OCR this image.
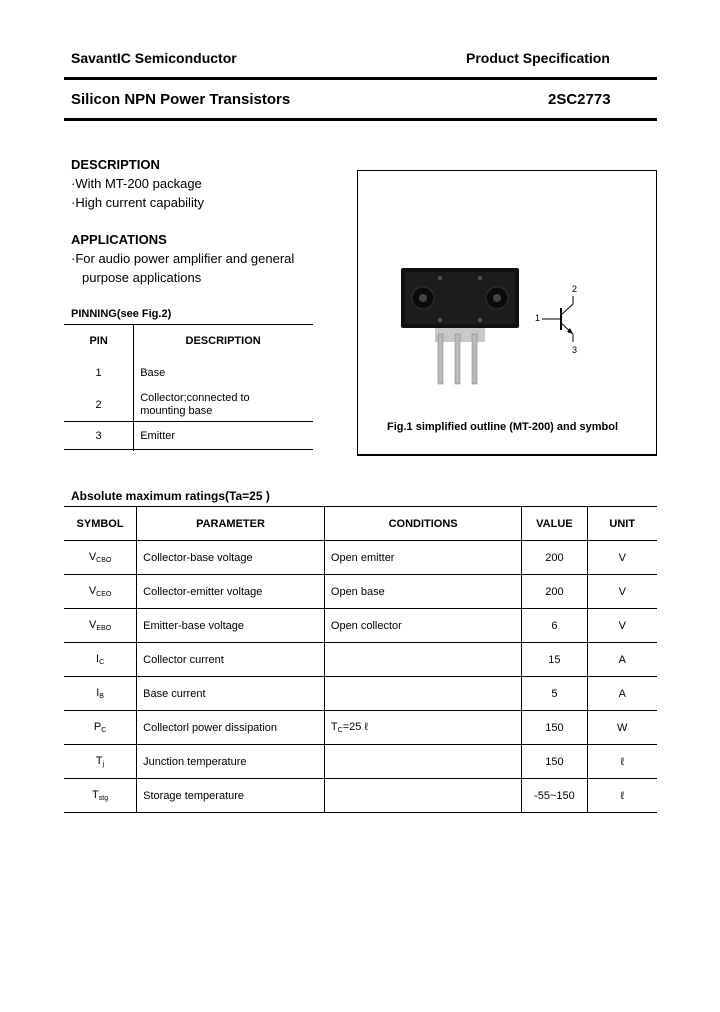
SavantIC Semiconductor	Product Specification
Silicon NPN Power Transistors	2SC2773
DESCRIPTION
·With MT-200 package
·High current capability
APPLICATIONS
·For audio power amplifier and general
purpose applications
PINNING(see Fig.2)
PIN	DESCRIPTION
1	Base
2	Collector;connected to
mounting base
3	Emitter
1
2
3
Fig.1 simplified outline (MT-200) and symbol
Absolute maximum ratings(Ta=25 )
SYMBOL	PARAMETER	CONDITIONS	VALUE	UNIT
$V_{CBO}$	Collector-base voltage	Open emitter	200	V
$V_{CEO}$	Collector-emitter voltage	Open base	200	V
$V_{EBO}$	Emitter-base voltage	Open collector	6	V
$I_C$	Collector current		15	A
$I_B$	Base current		5	A
$P_C$	Collectorl power dissipation	$T_C=25$ ℓ	150	W
$T_j$	Junction temperature		150	ℓ
$T_{stg}$	Storage temperature		-55~150	ℓ
